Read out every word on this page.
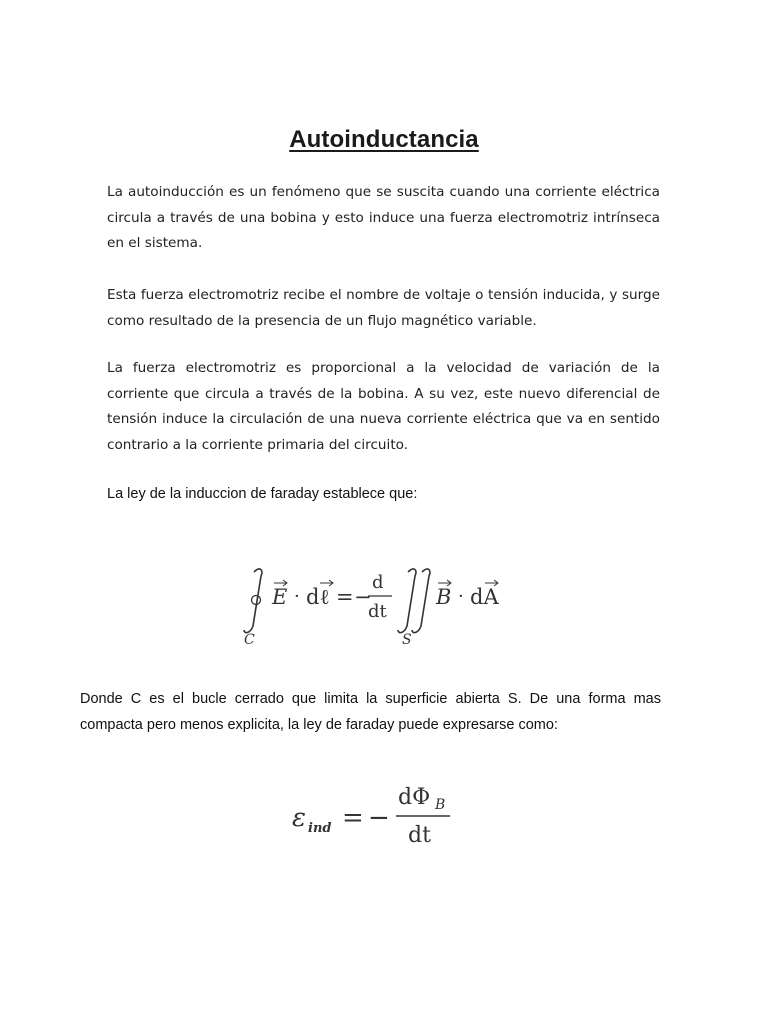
Autoinductancia

La autoinducción es un fenómeno que se suscita cuando una corriente eléctrica circula a través de una bobina y esto induce una fuerza electromotriz intrínseca en el sistema.

Esta fuerza electromotriz recibe el nombre de voltaje o tensión inducida, y surge como resultado de la presencia de un flujo magnético variable.

La fuerza electromotriz es proporcional a la velocidad de variación de la corriente que circula a través de la bobina. A su vez, este nuevo diferencial de tensión induce la circulación de una nueva corriente eléctrica que va en sentido contrario a la corriente primaria del circuito.

La ley de la induccion de faraday establece que:
C
E · dℓ = −
d
dt
S
B · dA

Donde C es el bucle cerrado que limita la superficie abierta S. De una forma mas compacta pero menos explicita, la ley de faraday puede expresarse como:

ε ind = −
dΦ B
dt
